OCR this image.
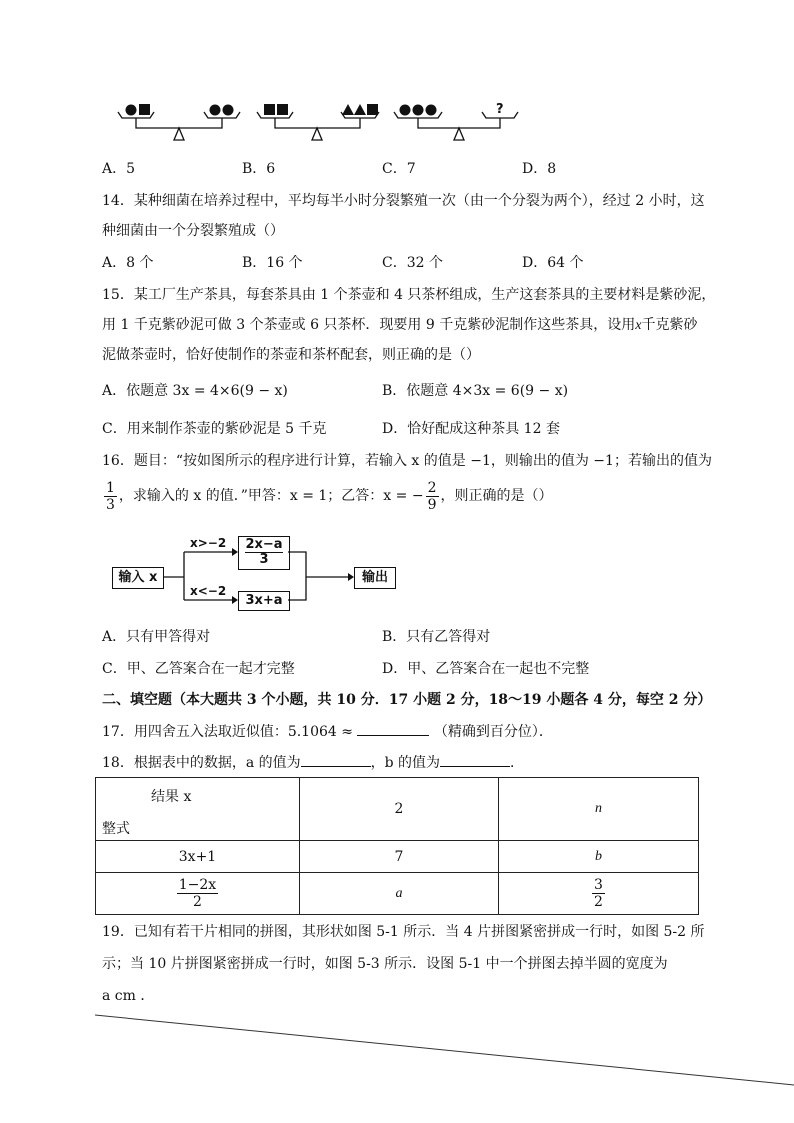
?
A．5	B．6	C．7	D．8
14．某种细菌在培养过程中，平均每半小时分裂繁殖一次（由一个分裂为两个），经过 2 小时，这
种细菌由一个分裂繁殖成（）
A．8 个	B．16 个	C．32 个	D．64 个
15．某工厂生产茶具，每套茶具由 1 个茶壶和 4 只茶杯组成，生产这套茶具的主要材料是紫砂泥，
用 1 千克紫砂泥可做 3 个茶壶或 6 只茶杯．现要用 9 千克紫砂泥制作这些茶具，设用x千克紫砂
泥做茶壶时，恰好使制作的茶壶和茶杯配套，则正确的是（）
A．依题意 3x = 4×6(9 − x)	B．依题意 4×3x = 6(9 − x)
C．用来制作茶壶的紫砂泥是 5 千克	D．恰好配成这种茶具 12 套
16．题目：“按如图所示的程序进行计算，若输入 x 的值是 −1，则输出的值为 −1；若输出的值为
$\frac{1}{3}$ ，求输入的 x 的值．”甲答：x = 1；乙答：x = − $\frac{2}{9}$ ，则正确的是（）
输入 x
x>−2
x<−2
2x−a
3
3x+a
输出
A．只有甲答得对	B．只有乙答得对
C．甲、乙答案合在一起才完整	D．甲、乙答案合在一起也不完整
二、填空题（本大题共 3 个小题，共 10 分．17 小题 2 分，18～19 小题各 4 分，每空 2 分）
17．用四舍五入法取近似值：5.1064 ≈	（精确到百分位）．
18．根据表中的数据，a 的值为	，b 的值为	．
结果 x
整式	2	n
3x+1	7	b

$\frac{1-2x}{2}$	a	$\frac{3}{2}$
19．已知有若干片相同的拼图，其形状如图 5-1 所示．当 4 片拼图紧密拼成一行时，如图 5-2 所
示；当 10 片拼图紧密拼成一行时，如图 5-3 所示．设图 5-1 中一个拼图去掉半圆的宽度为
a cm ．
